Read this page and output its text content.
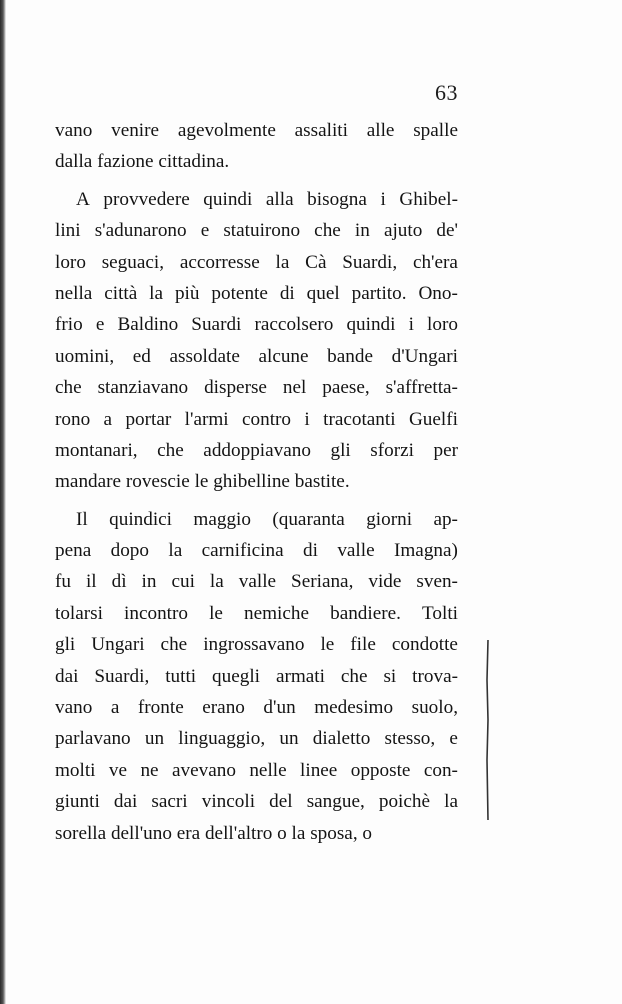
63
vano venire agevolmente assaliti alle spalle
dalla fazione cittadina.
A provvedere quindi alla bisogna i Ghibel-
lini s'adunarono e statuirono che in ajuto de'
loro seguaci, accorresse la Cà Suardi, ch'era
nella città la più potente di quel partito. Ono-
frio e Baldino Suardi raccolsero quindi i loro
uomini, ed assoldate alcune bande d'Ungari
che stanziavano disperse nel paese, s'affretta-
rono a portar l'armi contro i tracotanti Guelfi
montanari, che addoppiavano gli sforzi per
mandare rovescie le ghibelline bastite.
Il quindici maggio (quaranta giorni ap-
pena dopo la carnificina di valle Imagna)
fu il dì in cui la valle Seriana, vide sven-
tolarsi incontro le nemiche bandiere. Tolti
gli Ungari che ingrossavano le file condotte
dai Suardi, tutti quegli armati che si trova-
vano a fronte erano d'un medesimo suolo,
parlavano un linguaggio, un dialetto stesso, e
molti ve ne avevano nelle linee opposte con-
giunti dai sacri vincoli del sangue, poichè la
sorella dell'uno era dell'altro o la sposa, o
